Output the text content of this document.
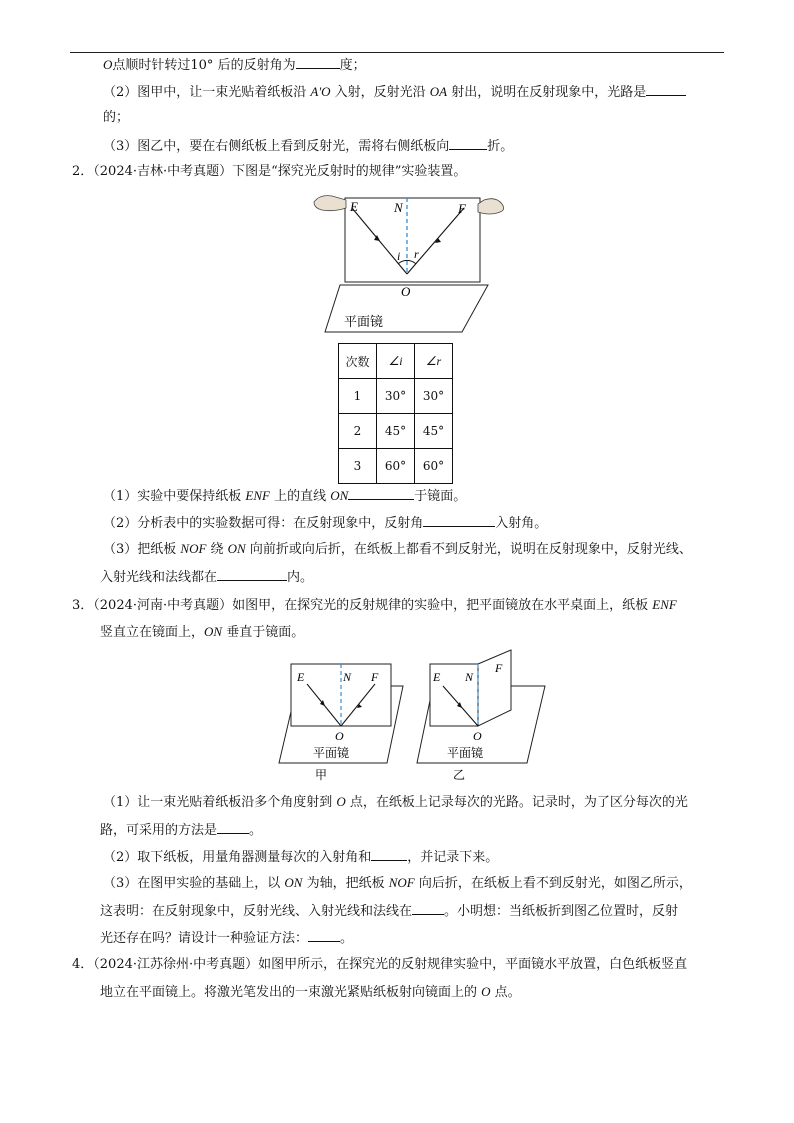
O点顺时针转过10° 后的反射角为	度；
（2）图甲中，让一束光贴着纸板沿 A'O 入射，反射光沿 OA 射出，说明在反射现象中，光路是
的；
（3）图乙中，要在右侧纸板上看到反射光，需将右侧纸板向	折。
2．（2024·吉林·中考真题）下图是“探究光反射时的规律”实验装置。
E	N	F
i r
O
平面镜
次数	∠i	∠r
1	30°	30°
2	45°	45°
3	60°	60°
（1）实验中要保持纸板 ENF 上的直线 ON	于镜面。
（2）分析表中的实验数据可得：在反射现象中，反射角	入射角。
（3）把纸板 NOF 绕 ON 向前折或向后折，在纸板上都看不到反射光，说明在反射现象中，反射光线、
入射光线和法线都在	内。
3．（2024·河南·中考真题）如图甲，在探究光的反射规律的实验中，把平面镜放在水平桌面上，纸板 ENF
竖直立在镜面上，ON 垂直于镜面。
E	N F
O
平面镜
甲
E N
F
O
平面镜
乙
（1）让一束光贴着纸板沿多个角度射到 O 点，在纸板上记录每次的光路。记录时，为了区分每次的光
路，可采用的方法是 。
（2）取下纸板，用量角器测量每次的入射角和	，并记录下来。
（3）在图甲实验的基础上，以 ON 为轴，把纸板 NOF 向后折，在纸板上看不到反射光，如图乙所示，
这表明：在反射现象中，反射光线、入射光线和法线在 。小明想：当纸板折到图乙位置时，反射
光还存在吗？请设计一种验证方法： 。
4．（2024·江苏徐州·中考真题）如图甲所示，在探究光的反射规律实验中，平面镜水平放置，白色纸板竖直
地立在平面镜上。将激光笔发出的一束激光紧贴纸板射向镜面上的 O 点。
